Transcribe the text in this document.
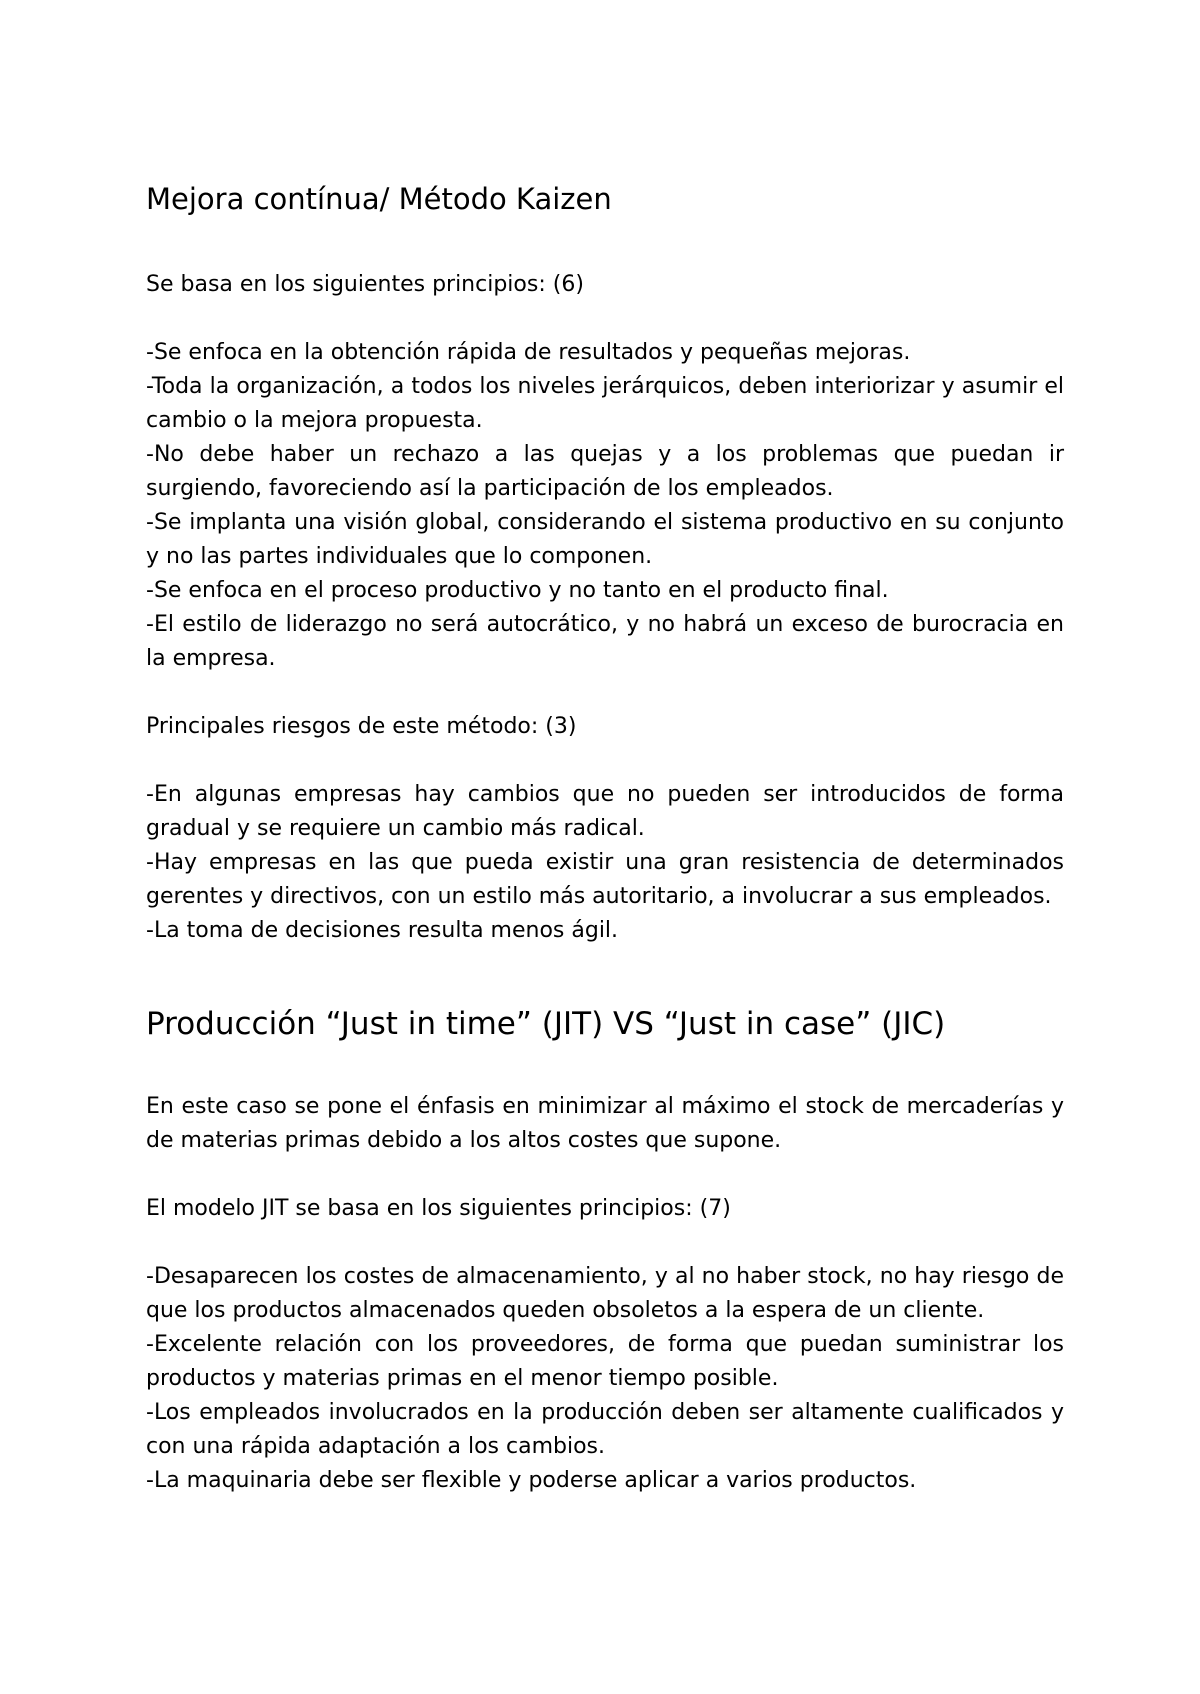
Mejora contínua/ Método Kaizen

Se basa en los siguientes principios: (6)

-Se enfoca en la obtención rápida de resultados y pequeñas mejoras.

-Toda la organización, a todos los niveles jerárquicos, deben interiorizar y asumir el cambio o la mejora propuesta.

-No debe haber un rechazo a las quejas y a los problemas que puedan ir surgiendo, favoreciendo así la participación de los empleados.

-Se implanta una visión global, considerando el sistema productivo en su conjunto y no las partes individuales que lo componen.

-Se enfoca en el proceso productivo y no tanto en el producto final.

-El estilo de liderazgo no será autocrático, y no habrá un exceso de burocracia en la empresa.

Principales riesgos de este método: (3)

-En algunas empresas hay cambios que no pueden ser introducidos de forma gradual y se requiere un cambio más radical.

-Hay empresas en las que pueda existir una gran resistencia de determinados gerentes y directivos, con un estilo más autoritario, a involucrar a sus empleados.

-La toma de decisiones resulta menos ágil.

Producción “Just in time” (JIT) VS “Just in case” (JIC)

En este caso se pone el énfasis en minimizar al máximo el stock de mercaderías y de materias primas debido a los altos costes que supone.

El modelo JIT se basa en los siguientes principios: (7)

-Desaparecen los costes de almacenamiento, y al no haber stock, no hay riesgo de que los productos almacenados queden obsoletos a la espera de un cliente.

-Excelente relación con los proveedores, de forma que puedan suministrar los productos y materias primas en el menor tiempo posible.

-Los empleados involucrados en la producción deben ser altamente cualificados y con una rápida adaptación a los cambios.

-La maquinaria debe ser flexible y poderse aplicar a varios productos.
